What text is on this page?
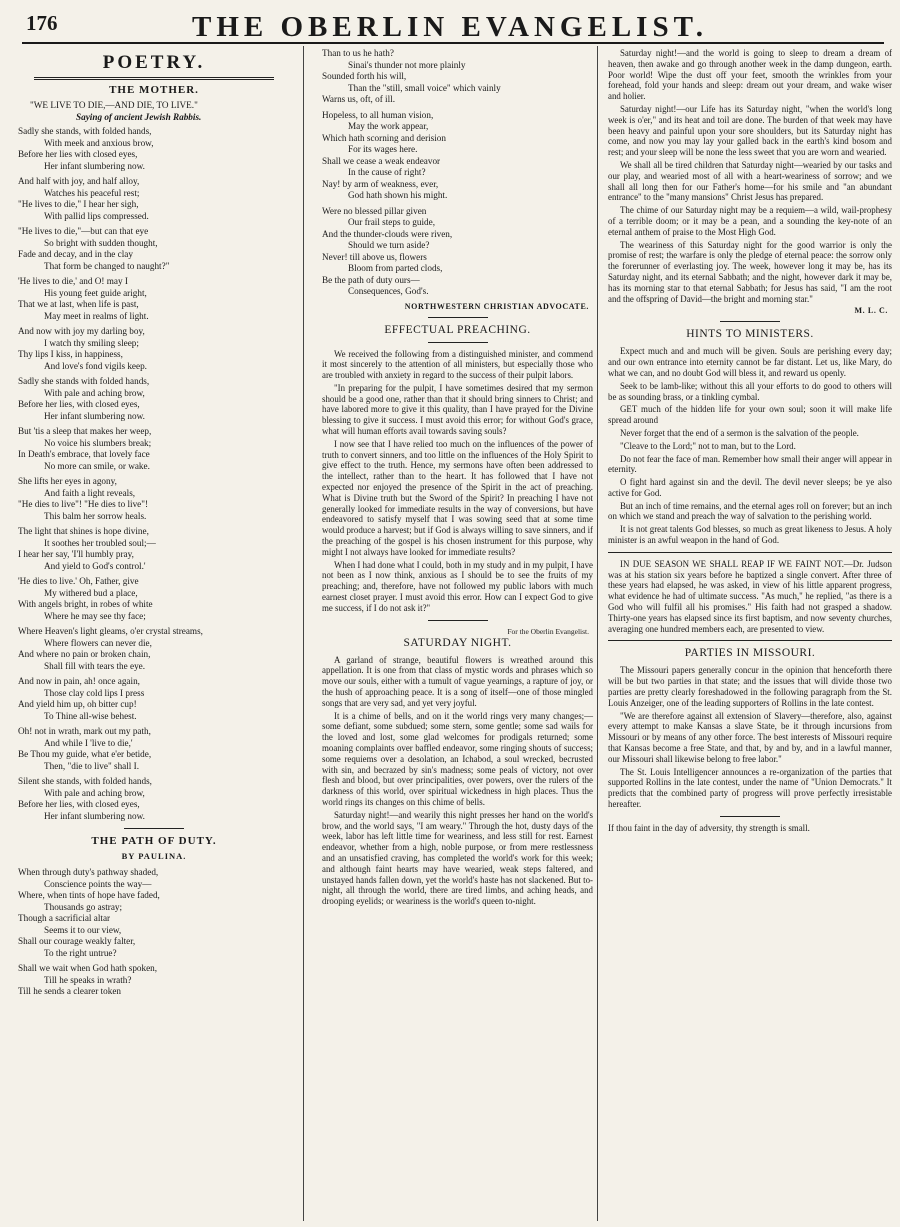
176	THE OBERLIN EVANGELIST.
POETRY.
THE MOTHER.
"WE LIVE TO DIE,—AND DIE, TO LIVE."
Saying of ancient Jewish Rabbis.
Sadly she stands, with folded hands,
With meek and anxious brow,
Before her lies with closed eyes,
Her infant slumbering now.
And half with joy, and half alloy,
Watches his peaceful rest;
"He lives to die," I hear her sigh,
With pallid lips compressed.
"He lives to die,"—but can that eye
So bright with sudden thought,
Fade and decay, and in the clay
That form be changed to naught?"
'He lives to die,' and O! may I
His young feet guide aright,
That we at last, when life is past,
May meet in realms of light.
And now with joy my darling boy,
I watch thy smiling sleep;
Thy lips I kiss, in happiness,
And love's fond vigils keep.
Sadly she stands with folded hands,
With pale and aching brow,
Before her lies, with closed eyes,
Her infant slumbering now.
But 'tis a sleep that makes her weep,
No voice his slumbers break;
In Death's embrace, that lovely face
No more can smile, or wake.
She lifts her eyes in agony,
And faith a light reveals,
"He dies to live"! "He dies to live"!
This balm her sorrow heals.
The light that shines is hope divine,
It soothes her troubled soul;—
I hear her say, 'I'll humbly pray,
And yield to God's control.'
'He dies to live.' Oh, Father, give
My withered bud a place,
With angels bright, in robes of white
Where he may see thy face;
Where Heaven's light gleams, o'er crystal streams,
Where flowers can never die,
And where no pain or broken chain,
Shall fill with tears the eye.
And now in pain, ah! once again,
Those clay cold lips I press
And yield him up, oh bitter cup!
To Thine all-wise behest.
Oh! not in wrath, mark out my path,
And while I 'live to die,'
Be Thou my guide, what e'er betide,
Then, "die to live" shall I.
Silent she stands, with folded hands,
With pale and aching brow,
Before her lies, with closed eyes,
Her infant slumbering now.
THE PATH OF DUTY.
BY PAULINA.
When through duty's pathway shaded,
Conscience points the way—
Where, when tints of hope have faded,
Thousands go astray;
Though a sacrificial altar
Seems it to our view,
Shall our courage weakly falter,
To the right untrue?
Shall we wait when God hath spoken,
Till he speaks in wrath?
Till he sends a clearer token
Than to us he hath?
Sinai's thunder not more plainly
Sounded forth his will,
Than the "still, small voice" which vainly
Warns us, oft, of ill.
Hopeless, to all human vision,
May the work appear,
Which hath scorning and derision
For its wages here.
Shall we cease a weak endeavor
In the cause of right?
Nay! by arm of weakness, ever,
God hath shown his might.
Were no blessed pillar given
Our frail steps to guide,
And the thunder-clouds were riven,
Should we turn aside?
Never! till above us, flowers
Bloom from parted clods,
Be the path of duty ours—
Consequences, God's.
NORTHWESTERN CHRISTIAN ADVOCATE.
EFFECTUAL PREACHING.

We received the following from a distinguished minister, and commend it most sincerely to the attention of all ministers, but especially those who are troubled with anxiety in regard to the success of their pulpit labors.

"In preparing for the pulpit, I have sometimes desired that my sermon should be a good one, rather than that it should bring sinners to Christ; and have labored more to give it this quality, than I have prayed for the Divine blessing to give it success. I must avoid this error; for without God's grace, what will human efforts avail towards saving souls?

I now see that I have relied too much on the influences of the power of truth to convert sinners, and too little on the influences of the Holy Spirit to give effect to the truth. Hence, my sermons have often been addressed to the intellect, rather than to the heart. It has followed that I have not expected nor enjoyed the presence of the Spirit in the act of preaching. What is Divine truth but the Sword of the Spirit? In preaching I have not generally looked for immediate results in the way of conversions, but have endeavored to satisfy myself that I was sowing seed that at some time would produce a harvest; but if God is always willing to save sinners, and if the preaching of the gospel is his chosen instrument for this purpose, why might I not always have looked for immediate results?

When I had done what I could, both in my study and in my pulpit, I have not been as I now think, anxious as I should be to see the fruits of my preaching; and, therefore, have not followed my public labors with much earnest closet prayer. I must avoid this error. How can I expect God to give me success, if I do not ask it?"

For the Oberlin Evangelist.
SATURDAY NIGHT.

A garland of strange, beautiful flowers is wreathed around this appellation. It is one from that class of mystic words and phrases which so move our souls, either with a tumult of vague yearnings, a rapture of joy, or the hush of approaching peace. It is a song of itself—one of those mingled songs that are very sad, and yet very joyful.

It is a chime of bells, and on it the world rings very many changes;—some defiant, some subdued; some stern, some gentle; some sad wails for the loved and lost, some glad welcomes for prodigals returned; some moaning complaints over baffled endeavor, some ringing shouts of success; some requiems over a desolation, an Ichabod, a soul wrecked, becrusted with sin, and becrazed by sin's madness; some peals of victory, not over flesh and blood, but over principalities, over powers, over the rulers of the darkness of this world, over spiritual wickedness in high places. Thus the world rings its changes on this chime of bells.

Saturday night!—and wearily this night presses her hand on the world's brow, and the world says, "I am weary." Through the hot, dusty days of the week, labor has left little time for weariness, and less still for rest. Earnest endeavor, whether from a high, noble purpose, or from mere restlessness and an unsatisfied craving, has completed the world's work for this week; and although faint hearts may have wearied, weak steps faltered, and unstayed hands fallen down, yet the world's haste has not slackened. But to-night, all through the world, there are tired limbs, and aching heads, and drooping eyelids; or weariness is the world's queen to-night.

Saturday night!—and the world is going to sleep to dream a dream of heaven, then awake and go through another week in the damp dungeon, earth. Poor world! Wipe the dust off your feet, smooth the wrinkles from your forehead, fold your hands and sleep: dream out your dream, and wake wiser and holier.

Saturday night!—our Life has its Saturday night, "when the world's long week is o'er," and its heat and toil are done. The burden of that week may have been heavy and painful upon your sore shoulders, but its Saturday night has come, and now you may lay your galled back in the earth's kind bosom and rest; and your sleep will be none the less sweet that you are worn and wearied.

We shall all be tired children that Saturday night—wearied by our tasks and our play, and wearied most of all with a heart-weariness of sorrow; and we shall all long then for our Father's home—for his smile and "an abundant entrance" to the "many mansions" Christ Jesus has prepared.

The chime of our Saturday night may be a requiem—a wild, wail-prophesy of a terrible doom; or it may be a pean, and a sounding the key-note of an eternal anthem of praise to the Most High God.

The weariness of this Saturday night for the good warrior is only the promise of rest; the warfare is only the pledge of eternal peace: the sorrow only the forerunner of everlasting joy. The week, however long it may be, has its Saturday night, and its eternal Sabbath; and the night, however dark it may be, has its morning star to that eternal Sabbath; for Jesus has said, "I am the root and the offspring of David—the bright and morning star."

M. L. C.
HINTS TO MINISTERS.

Expect much and and much will be given. Souls are perishing every day; and our own entrance into eternity cannot be far distant. Let us, like Mary, do what we can, and no doubt God will bless it, and reward us openly.

Seek to be lamb-like; without this all your efforts to do good to others will be as sounding brass, or a tinkling cymbal.

GET much of the hidden life for your own soul; soon it will make life spread around

Never forget that the end of a sermon is the salvation of the people.

"Cleave to the Lord;" not to man, but to the Lord.

Do not fear the face of man. Remember how small their anger will appear in eternity.

O fight hard against sin and the devil. The devil never sleeps; be ye also active for God.

But an inch of time remains, and the eternal ages roll on forever; but an inch on which we stand and preach the way of salvation to the perishing world.

It is not great talents God blesses, so much as great likeness to Jesus. A holy minister is an awful weapon in the hand of God.

IN DUE SEASON WE SHALL REAP IF WE FAINT NOT.—Dr. Judson was at his station six years before he baptized a single convert. After three of these years had elapsed, he was asked, in view of his little apparent progress, what evidence he had of ultimate success. "As much," he replied, "as there is a God who will fulfil all his promises." His faith had not grasped a shadow. Thirty-one years has elapsed since its first baptism, and now seventy churches, averaging one hundred members each, are presented to view.

PARTIES IN MISSOURI.

The Missouri papers generally concur in the opinion that henceforth there will be but two parties in that state; and the issues that will divide those two parties are pretty clearly foreshadowed in the following paragraph from the St. Louis Anzeiger, one of the leading supporters of Rollins in the late contest.

"We are therefore against all extension of Slavery—therefore, also, against every attempt to make Kansas a slave State, be it through incursions from Missouri or by means of any other force. The best interests of Missouri require that Kansas become a free State, and that, by and by, and in a lawful manner, our Missouri shall likewise belong to free labor."

The St. Louis Intelligencer announces a re-organization of the parties that supported Rollins in the late contest, under the name of "Union Democrats." It predicts that the combined party of progress will prove perfectly irresistable hereafter.

If thou faint in the day of adversity, thy strength is small.
